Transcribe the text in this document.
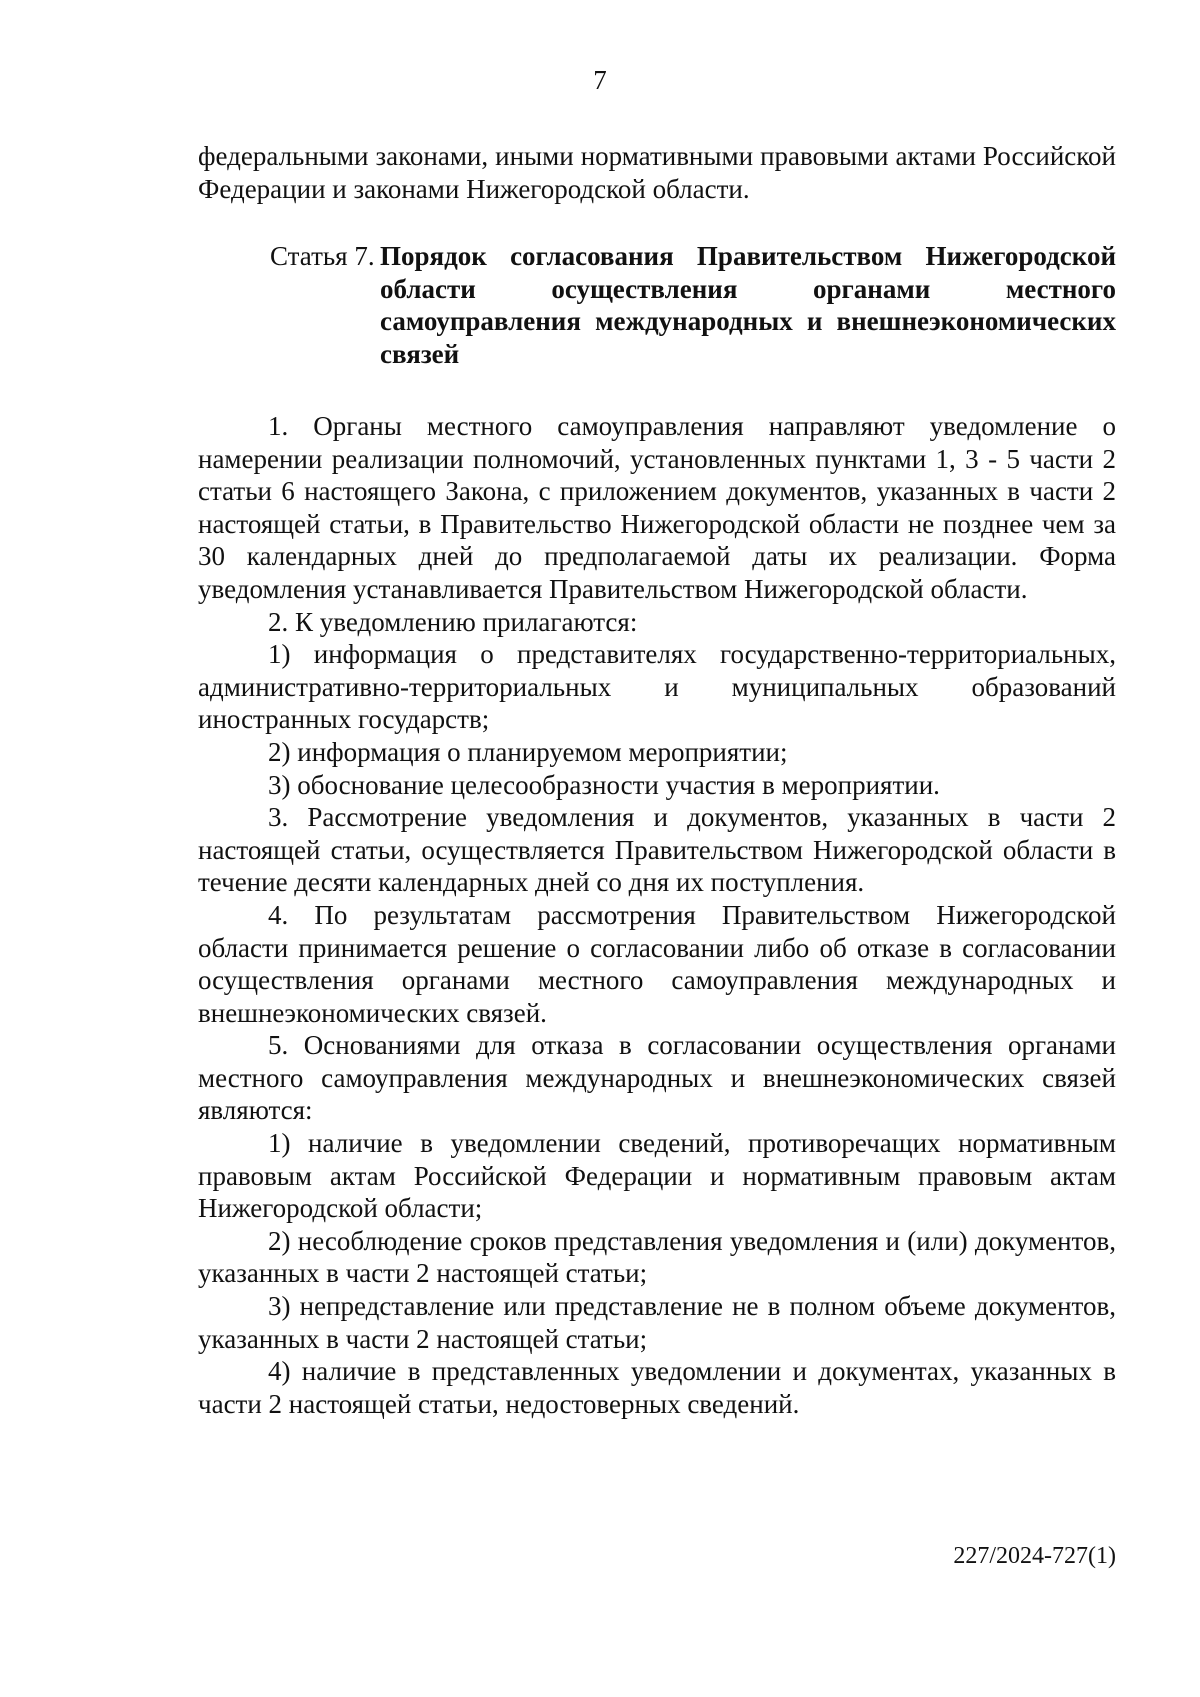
7

федеральными законами, иными нормативными правовыми актами Российской Федерации и законами Нижегородской области.

Статья 7. Порядок согласования Правительством Нижегородской области осуществления органами местного самоуправления международных и внешнеэкономических связей

1. Органы местного самоуправления направляют уведомление о намерении реализации полномочий, установленных пунктами 1, 3 - 5 части 2 статьи 6 настоящего Закона, с приложением документов, указанных в части 2 настоящей статьи, в Правительство Нижегородской области не позднее чем за 30 календарных дней до предполагаемой даты их реализации. Форма уведомления устанавливается Правительством Нижегородской области.

2. К уведомлению прилагаются:

1) информация о представителях государственно-территориальных, административно-территориальных и муниципальных образований иностранных государств;

2) информация о планируемом мероприятии;

3) обоснование целесообразности участия в мероприятии.

3. Рассмотрение уведомления и документов, указанных в части 2 настоящей статьи, осуществляется Правительством Нижегородской области в течение десяти календарных дней со дня их поступления.

4. По результатам рассмотрения Правительством Нижегородской области принимается решение о согласовании либо об отказе в согласовании осуществления органами местного самоуправления международных и внешнеэкономических связей.

5. Основаниями для отказа в согласовании осуществления органами местного самоуправления международных и внешнеэкономических связей являются:

1) наличие в уведомлении сведений, противоречащих нормативным правовым актам Российской Федерации и нормативным правовым актам Нижегородской области;

2) несоблюдение сроков представления уведомления и (или) документов, указанных в части 2 настоящей статьи;

3) непредставление или представление не в полном объеме документов, указанных в части 2 настоящей статьи;

4) наличие в представленных уведомлении и документах, указанных в части 2 настоящей статьи, недостоверных сведений.

227/2024-727(1)
